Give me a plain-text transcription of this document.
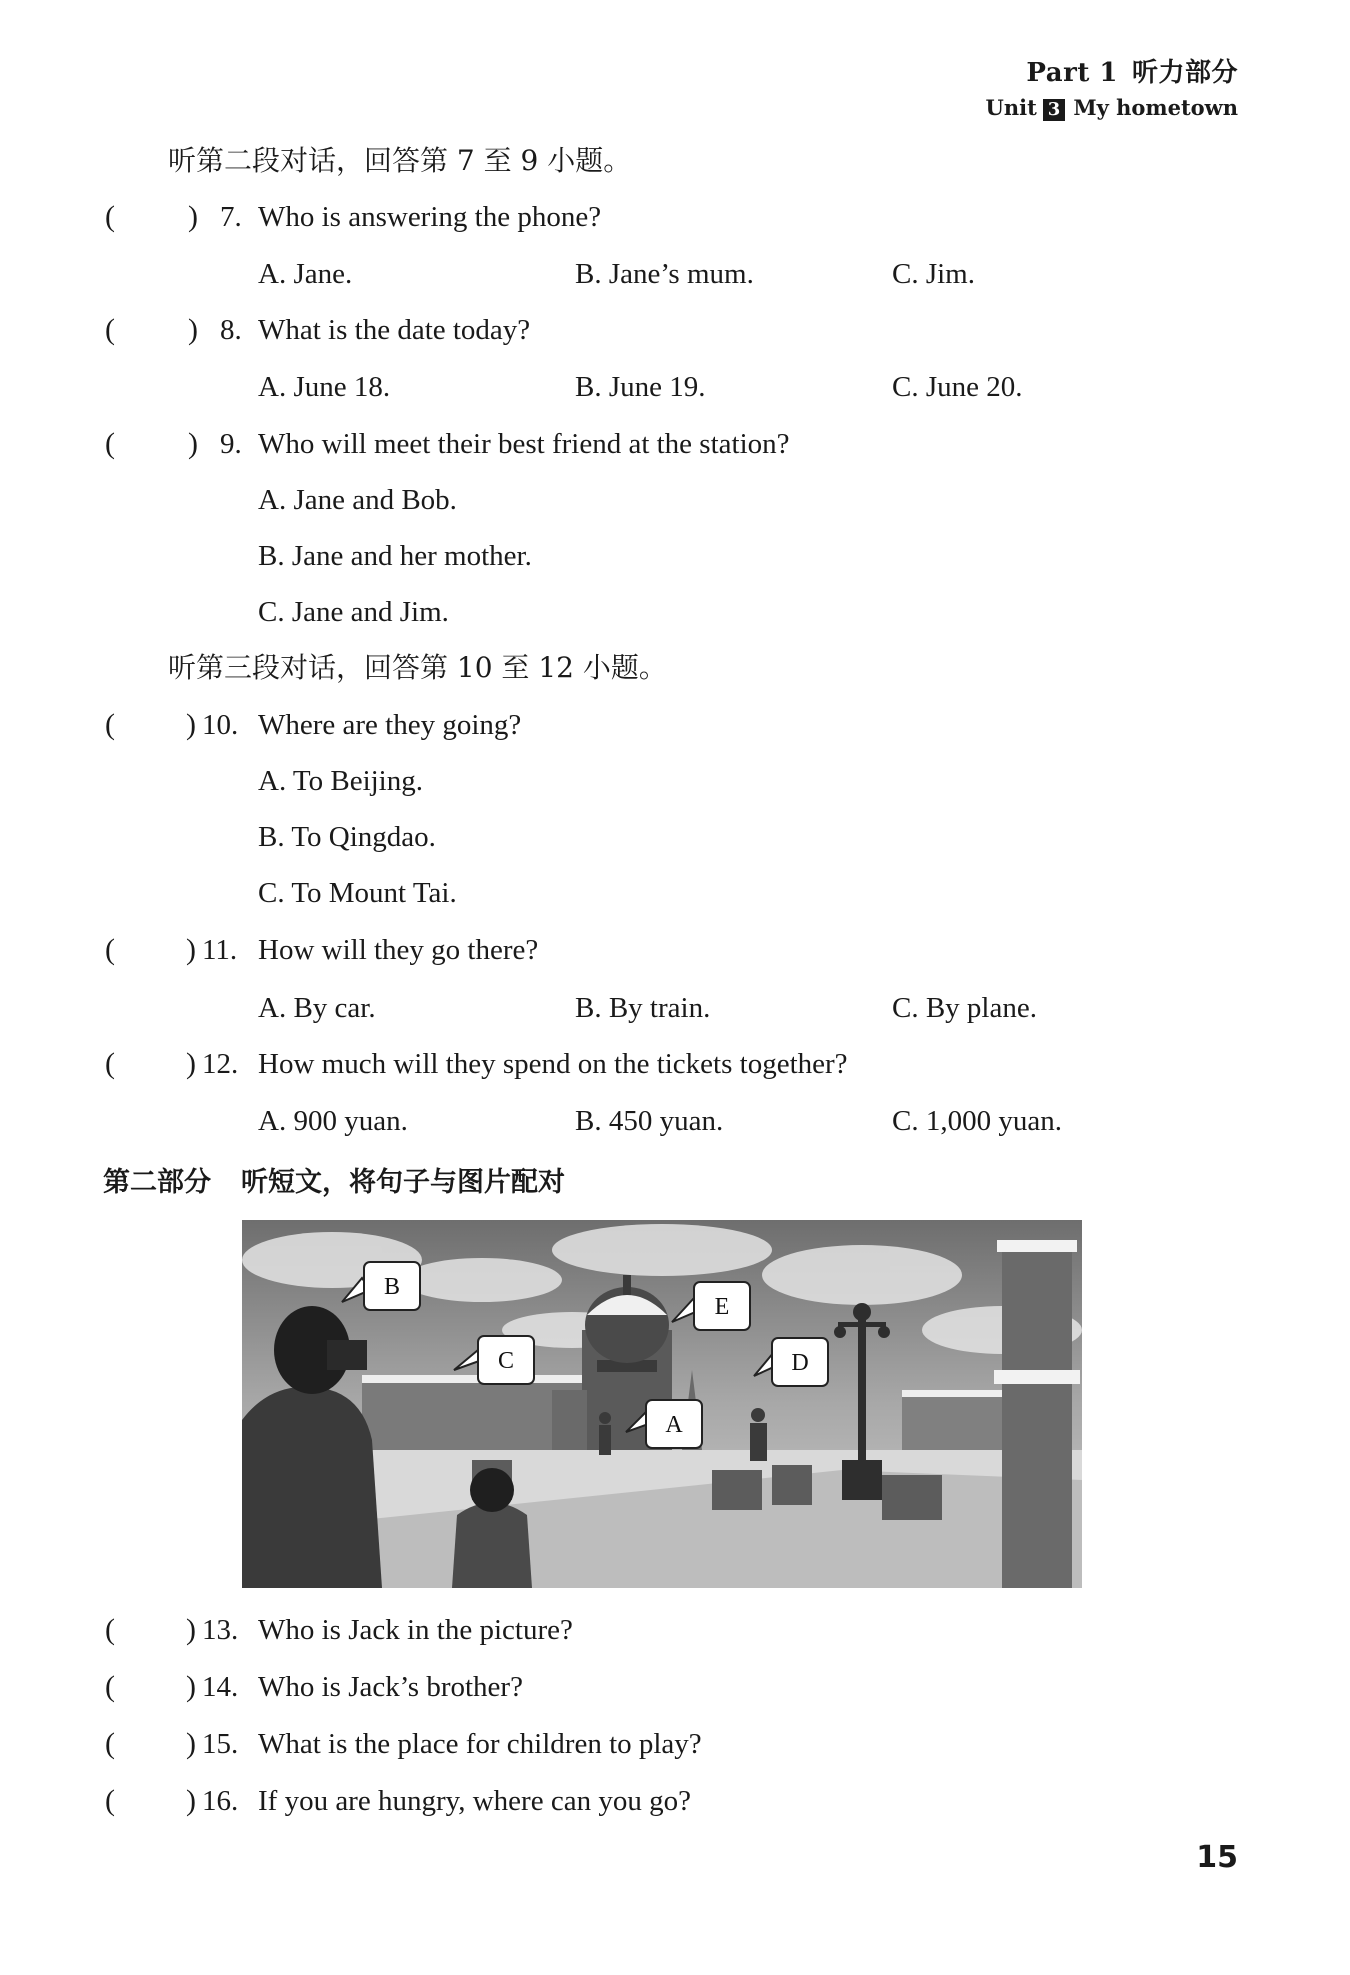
Part 1 听力部分
Unit 3 My hometown
听第二段对话，回答第 7 至 9 小题。
( ) 7. Who is answering the phone?
A. Jane.	B. Jane’s mum.	C. Jim.
( ) 8. What is the date today?
A. June 18.	B. June 19.	C. June 20.
( ) 9. Who will meet their best friend at the station?
A. Jane and Bob.
B. Jane and her mother.
C. Jane and Jim.
听第三段对话，回答第 10 至 12 小题。
( ) 10. Where are they going?
A. To Beijing.
B. To Qingdao.
C. To Mount Tai.
( ) 11. How will they go there?
A. By car.	B. By train.	C. By plane.
( ) 12. How much will they spend on the tickets together?
A. 900 yuan.	B. 450 yuan.	C. 1,000 yuan.
第二部分 听短文，将句子与图片配对
B
C
E
D
A
( ) 13. Who is Jack in the picture?
( ) 14. Who is Jack’s brother?
( ) 15. What is the place for children to play?
( ) 16. If you are hungry, where can you go?
15
